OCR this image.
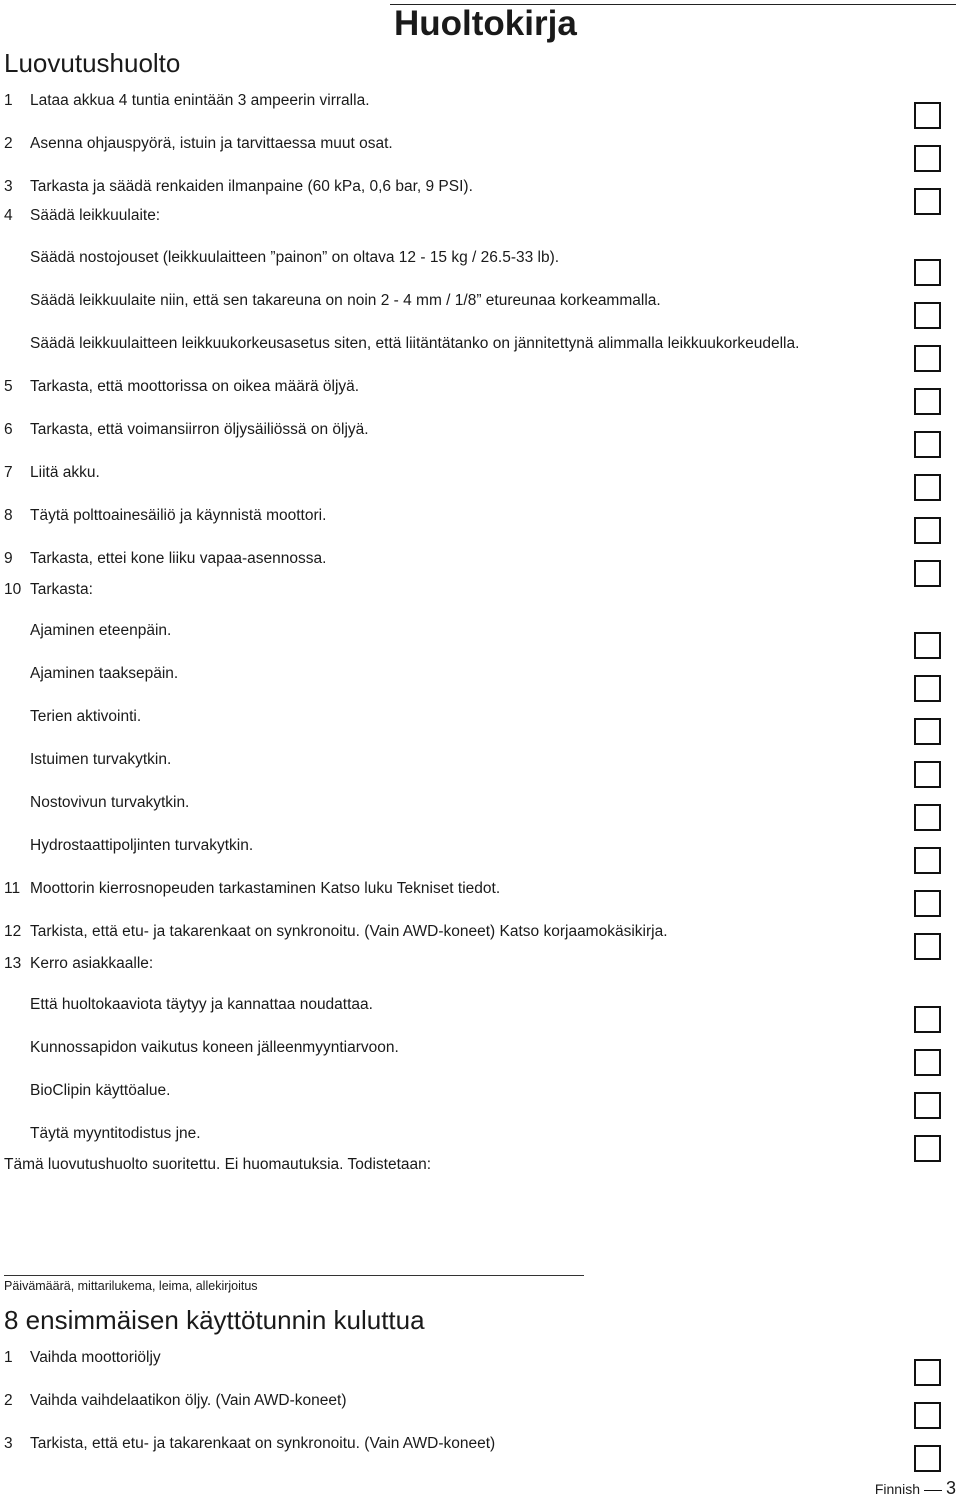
Huoltokirja
Luovutushuolto
1	Lataa akkua 4 tuntia enintään 3 ampeerin virralla.
2	Asenna ohjauspyörä, istuin ja tarvittaessa muut osat.
3	Tarkasta ja säädä renkaiden ilmanpaine (60 kPa, 0,6 bar, 9 PSI).
4	Säädä leikkuulaite:
Säädä nostojouset (leikkuulaitteen ”painon” on oltava 12 - 15 kg / 26.5-33 lb).
Säädä leikkuulaite niin, että sen takareuna on noin 2 - 4 mm / 1/8” etureunaa korkeammalla.
Säädä leikkuulaitteen leikkuukorkeusasetus siten, että liitäntätanko on jännitettynä alimmalla leikkuukorkeudella.
5	Tarkasta, että moottorissa on oikea määrä öljyä.
6	Tarkasta, että voimansiirron öljysäiliössä on öljyä.
7	Liitä akku.
8	Täytä polttoainesäiliö ja käynnistä moottori.
9	Tarkasta, ettei kone liiku vapaa-asennossa.
10 Tarkasta:
Ajaminen eteenpäin.
Ajaminen taaksepäin.
Terien aktivointi.
Istuimen turvakytkin.
Nostovivun turvakytkin.
Hydrostaattipoljinten turvakytkin.
11 Moottorin kierrosnopeuden tarkastaminen Katso luku Tekniset tiedot.
12 Tarkista, että etu- ja takarenkaat on synkronoitu. (Vain AWD-koneet) Katso korjaamokäsikirja.
13 Kerro asiakkaalle:
Että huoltokaaviota täytyy ja kannattaa noudattaa.
Kunnossapidon vaikutus koneen jälleenmyyntiarvoon.
BioClipin käyttöalue.
Täytä myyntitodistus jne.
Tämä luovutushuolto suoritettu. Ei huomautuksia. Todistetaan:
Päivämäärä, mittarilukema, leima, allekirjoitus
8 ensimmäisen käyttötunnin kuluttua
1	Vaihda moottoriöljy
2	Vaihda vaihdelaatikon öljy. (Vain AWD-koneet)
3	Tarkista, että etu- ja takarenkaat on synkronoitu. (Vain AWD-koneet)
Finnish 3
